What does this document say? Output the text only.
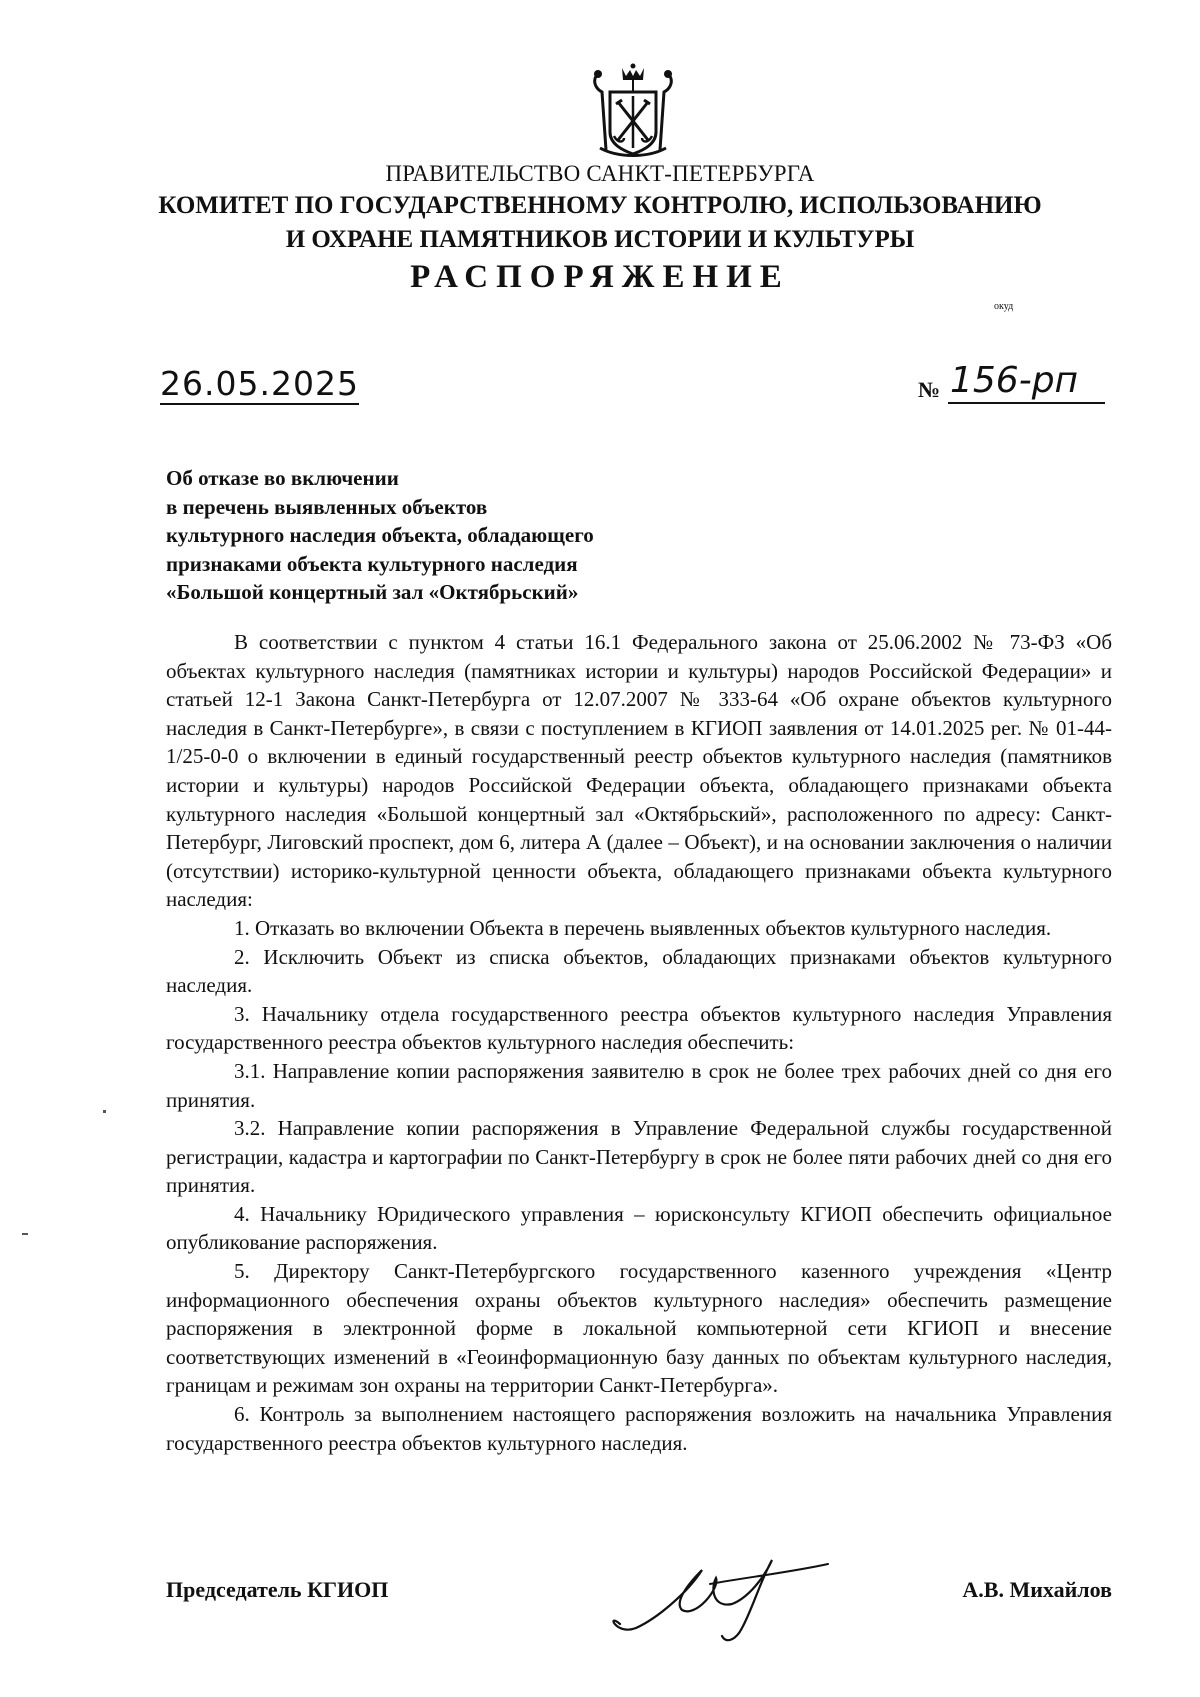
ПРАВИТЕЛЬСТВО САНКТ-ПЕТЕРБУРГА
КОМИТЕТ ПО ГОСУДАРСТВЕННОМУ КОНТРОЛЮ, ИСПОЛЬЗОВАНИЮ
И ОХРАНЕ ПАМЯТНИКОВ ИСТОРИИ И КУЛЬТУРЫ
РАСПОРЯЖЕНИЕ
окуд
26.05.2025	№ 156-рп
Об отказе во включении
в перечень выявленных объектов
культурного наследия объекта, обладающего
признаками объекта культурного наследия
«Большой концертный зал «Октябрьский»

В соответствии с пунктом 4 статьи 16.1 Федерального закона от 25.06.2002 № 73-ФЗ «Об объектах культурного наследия (памятниках истории и культуры) народов Российской Федерации» и статьей 12-1 Закона Санкт-Петербурга от 12.07.2007 № 333-64 «Об охране объектов культурного наследия в Санкт-Петербурге», в связи с поступлением в КГИОП заявления от 14.01.2025 рег. № 01-44-1/25-0-0 о включении в единый государственный реестр объектов культурного наследия (памятников истории и культуры) народов Российской Федерации объекта, обладающего признаками объекта культурного наследия «Большой концертный зал «Октябрьский», расположенного по адресу: Санкт-Петербург, Лиговский проспект, дом 6, литера А (далее – Объект), и на основании заключения о наличии (отсутствии) историко-культурной ценности объекта, обладающего признаками объекта культурного наследия:

1. Отказать во включении Объекта в перечень выявленных объектов культурного наследия.

2. Исключить Объект из списка объектов, обладающих признаками объектов культурного наследия.

3. Начальнику отдела государственного реестра объектов культурного наследия Управления государственного реестра объектов культурного наследия обеспечить:

3.1. Направление копии распоряжения заявителю в срок не более трех рабочих дней со дня его принятия.

3.2. Направление копии распоряжения в Управление Федеральной службы государственной регистрации, кадастра и картографии по Санкт-Петербургу в срок не более пяти рабочих дней со дня его принятия.

4. Начальнику Юридического управления – юрисконсульту КГИОП обеспечить официальное опубликование распоряжения.

5. Директору Санкт-Петербургского государственного казенного учреждения «Центр информационного обеспечения охраны объектов культурного наследия» обеспечить размещение распоряжения в электронной форме в локальной компьютерной сети КГИОП и внесение соответствующих изменений в «Геоинформационную базу данных по объектам культурного наследия, границам и режимам зон охраны на территории Санкт-Петербурга».

6. Контроль за выполнением настоящего распоряжения возложить на начальника Управления государственного реестра объектов культурного наследия.

Председатель КГИОП	А.В. Михайлов
